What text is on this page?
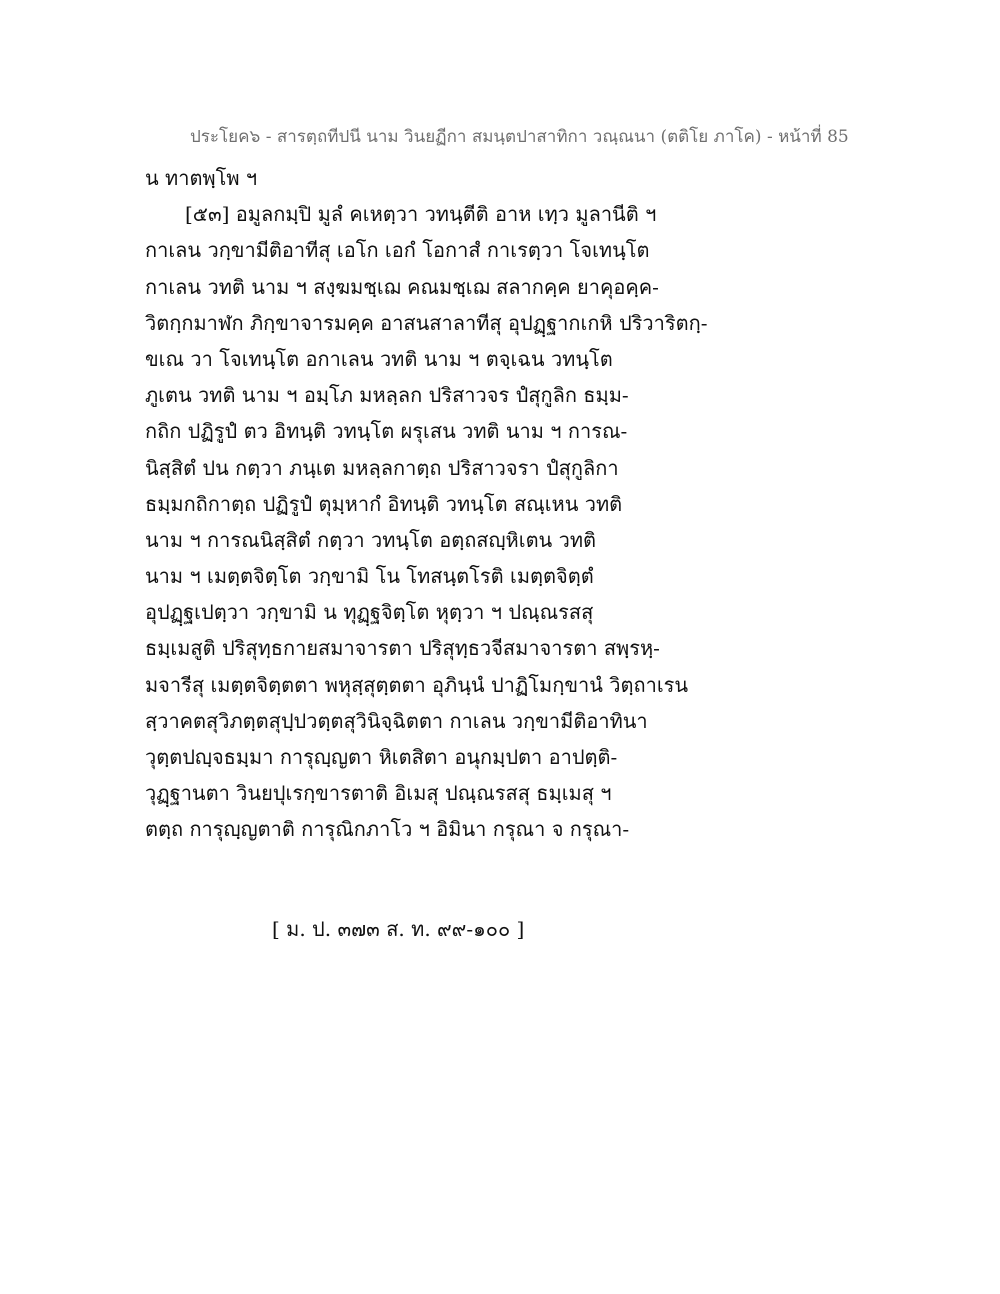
ประโยค๖ - สารตฺถทีปนี นาม วินยฏีกา สมนฺตปาสาทิกา วณฺณนา (ตติโย ภาโค) - หน้าที่ 85
น ทาตพฺโพ ฯ
[๕๓] อมูลกมฺปิ มูลํ คเหตฺวา วทนฺตีติ อาห เทฺว มูลานีติ ฯ
กาเลน วกฺขามีติอาทีสุ เอโก เอกํ โอกาสํ กาเรตฺวา โจเทนฺโต
กาเลน วทติ นาม ฯ สงฺฆมชฺเฌ คณมชฺเฌ สลากคฺค ยาคุอคฺค-
วิตกฺกมาฬก ภิกฺขาจารมคฺค อาสนสาลาทีสุ อุปฏฺฐากเกหิ ปริวาริตกฺ-
ขเณ วา โจเทนฺโต อกาเลน วทติ นาม ฯ ตจฺเฉน วทนฺโต
ภูเตน วทติ นาม ฯ อมฺโภ มหลฺลก ปริสาวจร ปํสุกูลิก ธมฺม-
กถิก ปฏิรูปํ ตว อิทนฺติ วทนฺโต ผรุเสน วทติ นาม ฯ การณ-
นิสฺสิตํ ปน กตฺวา ภนฺเต มหลฺลกาตฺถ ปริสาวจรา ปํสุกูลิกา
ธมฺมกถิกาตฺถ ปฏิรูปํ ตุมฺหากํ อิทนฺติ วทนฺโต สณฺเหน วทติ
นาม ฯ การณนิสฺสิตํ กตฺวา วทนฺโต อตฺถสญฺหิเตน วทติ
นาม ฯ เมตฺตจิตฺโต วกฺขามิ โน โทสนฺตโรติ เมตฺตจิตฺตํ
อุปฏฺฐเปตฺวา วกฺขามิ น ทุฏฺฐจิตฺโต หุตฺวา ฯ ปณฺณรสสุ
ธมฺเมสูติ ปริสุทฺธกายสมาจารตา ปริสุทฺธวจีสมาจารตา สพฺรหฺ-
มจารีสุ เมตฺตจิตฺตตา พหุสฺสุตฺตตา อุภินฺนํ ปาฏิโมกฺขานํ วิตฺถาเรน
สฺวาคตสุวิภตฺตสุปฺปวตฺตสุวินิจฺฉิตตา กาเลน วกฺขามีติอาทินา
วุตฺตปญฺจธมฺมา การุญฺญตา หิเตสิตา อนุกมฺปตา อาปตฺติ-
วุฏฺฐานตา วินยปุเรกฺขารตาติ อิเมสุ ปณฺณรสสุ ธมฺเมสุ ฯ
ตตฺถ การุญฺญตาติ การุณิกภาโว ฯ อิมินา กรุณา จ กรุณา-
[ ม. ป. ๓๗๓ ส. ท. ๙๙-๑๐๐ ]
